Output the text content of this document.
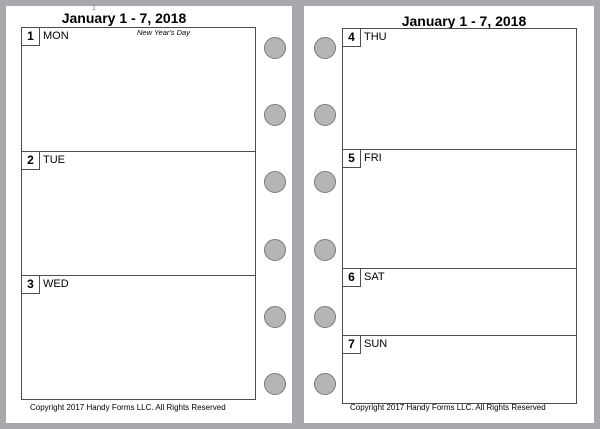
1
January 1 - 7, 2018
1 MON
2 TUE
3 WED
New Year's Day
Copyright 2017 Handy Forms LLC. All Rights Reserved
January 1 - 7, 2018
4 THU
5 FRI
6 SAT
7 SUN
Copyright 2017 Handy Forms LLC. All Rights Reserved
